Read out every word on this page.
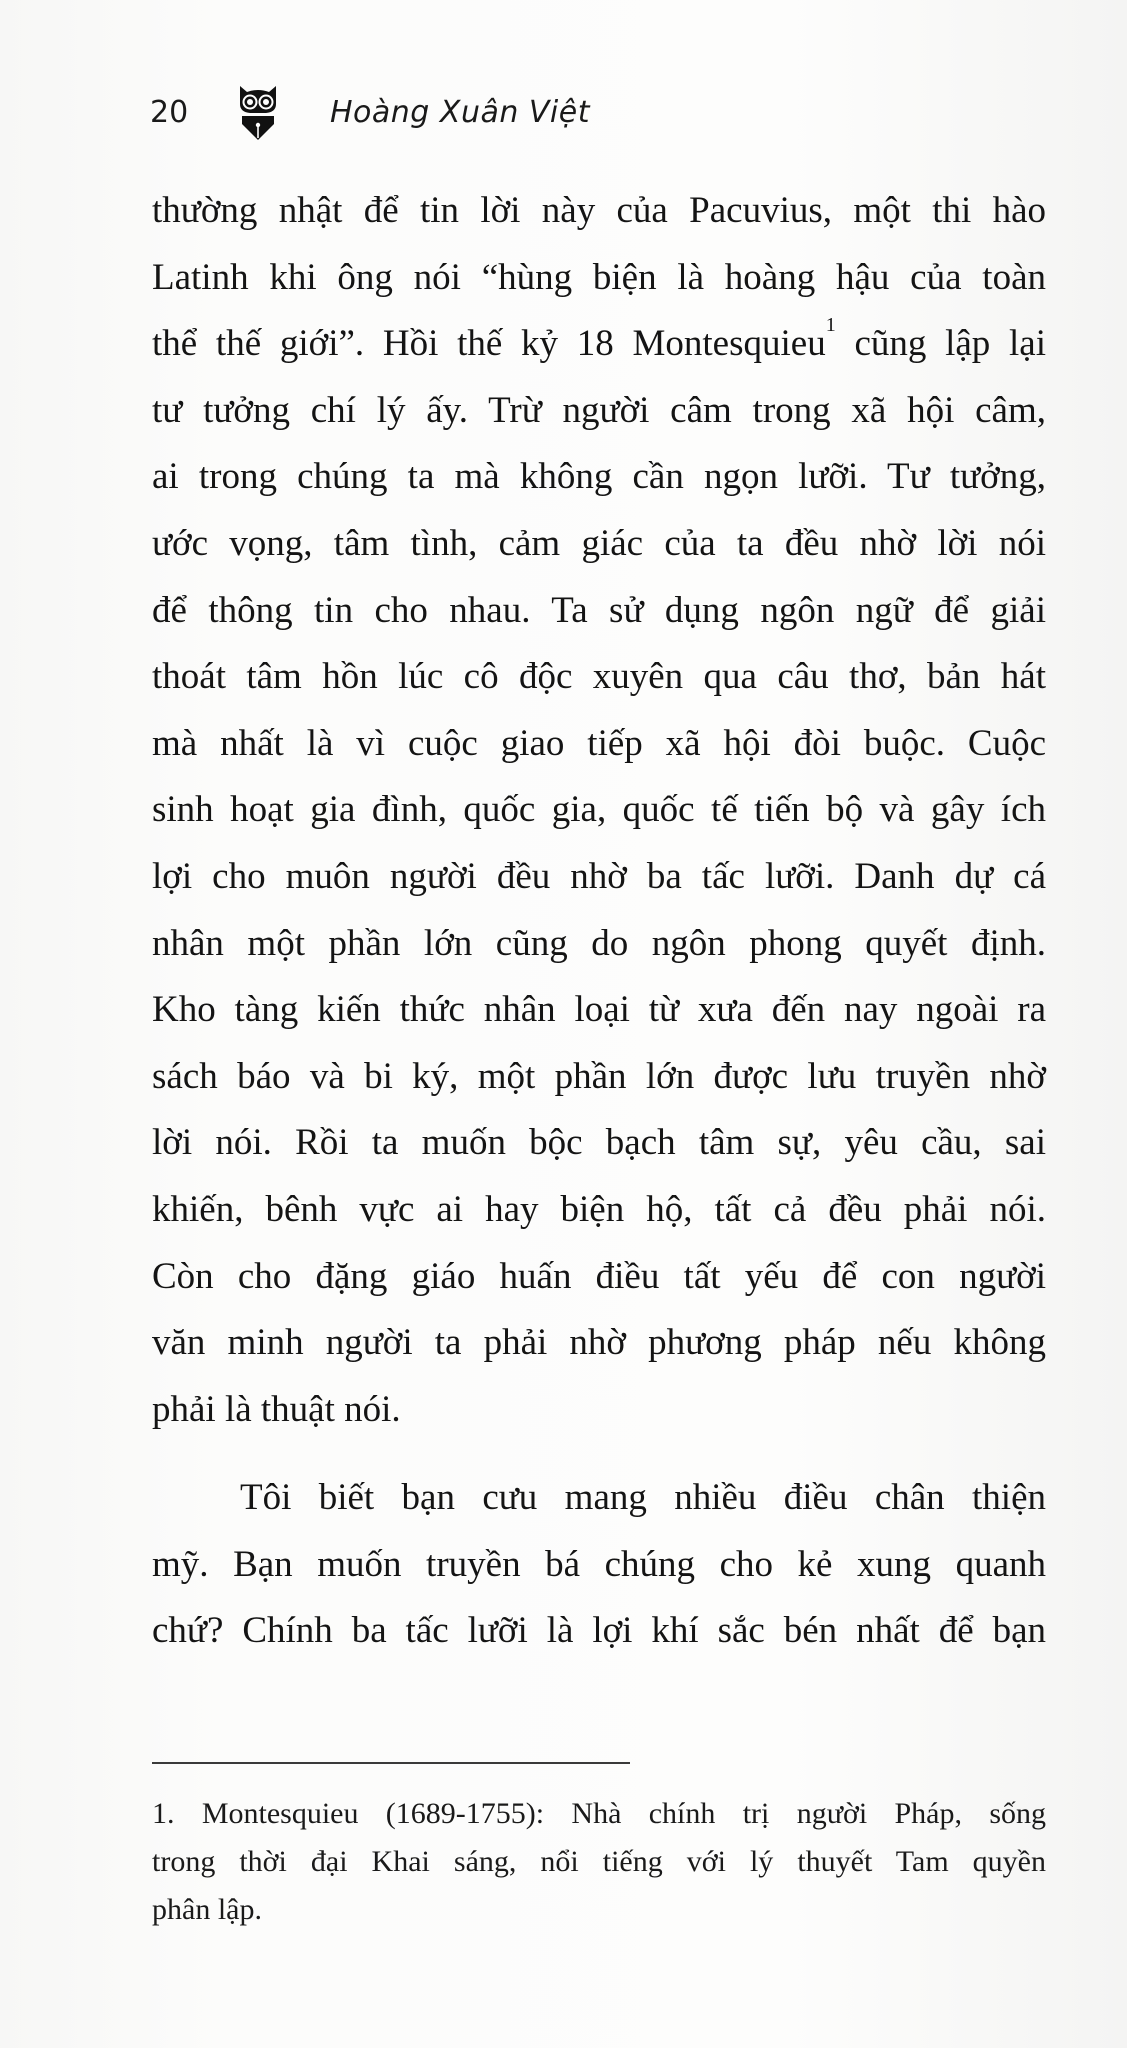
20	Hoàng Xuân Việt
thường nhật để tin lời này của Pacuvius, một thi hào
Latinh khi ông nói “hùng biện là hoàng hậu của toàn
thể thế giới”. Hồi thế kỷ 18 Montesquieu$^1$ cũng lập lại
tư tưởng chí lý ấy. Trừ người câm trong xã hội câm,
ai trong chúng ta mà không cần ngọn lưỡi. Tư tưởng,
ước vọng, tâm tình, cảm giác của ta đều nhờ lời nói
để thông tin cho nhau. Ta sử dụng ngôn ngữ để giải
thoát tâm hồn lúc cô độc xuyên qua câu thơ, bản hát
mà nhất là vì cuộc giao tiếp xã hội đòi buộc. Cuộc
sinh hoạt gia đình, quốc gia, quốc tế tiến bộ và gây ích
lợi cho muôn người đều nhờ ba tấc lưỡi. Danh dự cá
nhân một phần lớn cũng do ngôn phong quyết định.
Kho tàng kiến thức nhân loại từ xưa đến nay ngoài ra
sách báo và bi ký, một phần lớn được lưu truyền nhờ
lời nói. Rồi ta muốn bộc bạch tâm sự, yêu cầu, sai
khiến, bênh vực ai hay biện hộ, tất cả đều phải nói.
Còn cho đặng giáo huấn điều tất yếu để con người
văn minh người ta phải nhờ phương pháp nếu không
phải là thuật nói.
Tôi biết bạn cưu mang nhiều điều chân thiện
mỹ. Bạn muốn truyền bá chúng cho kẻ xung quanh
chứ? Chính ba tấc lưỡi là lợi khí sắc bén nhất để bạn
1. Montesquieu (1689-1755): Nhà chính trị người Pháp, sống
trong thời đại Khai sáng, nổi tiếng với lý thuyết Tam quyền
phân lập.
